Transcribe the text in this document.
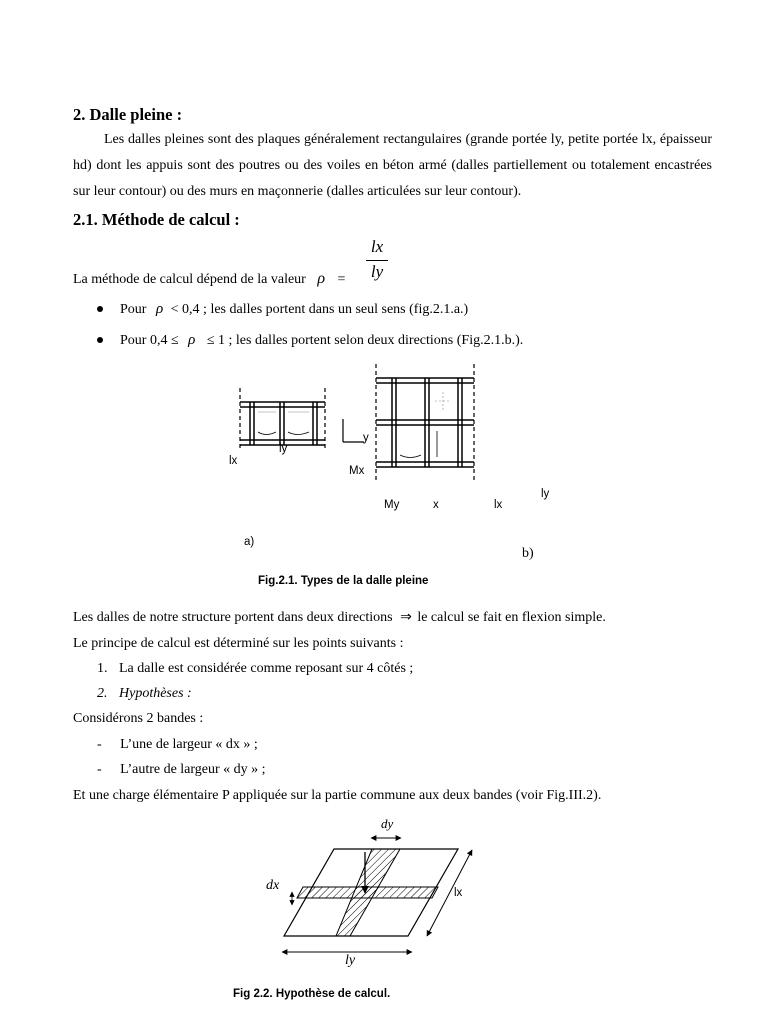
2. Dalle pleine :
Les dalles pleines sont des plaques généralement rectangulaires (grande portée ly, petite portée lx, épaisseur hd) dont les appuis sont des poutres ou des voiles en béton armé (dalles partiellement ou totalement encastrées sur leur contour) ou des murs en maçonnerie (dalles articulées sur leur contour).
2.1. Méthode de calcul :
La méthode de calcul dépend de la valeur ρ =
lx
ly
Pour ρ < 0,4 ; les dalles portent dans un seul sens (fig.2.1.a.)
Pour 0,4 ≤ ρ ≤ 1 ; les dalles portent selon deux directions (Fig.2.1.b.).
ly
lx
y
Mx
ly
My	x	lx
a)
b)
Fig.2.1. Types de la dalle pleine
Les dalles de notre structure portent dans deux directions ⇒ le calcul se fait en flexion simple.
Le principe de calcul est déterminé sur les points suivants :
1. La dalle est considérée comme reposant sur 4 côtés ;
2. Hypothèses :
Considérons 2 bandes :
- L’une de largeur « dx » ;
- L’autre de largeur « dy » ;
Et une charge élémentaire P appliquée sur la partie commune aux deux bandes (voir Fig.III.2).
dy
dx	lx
ly
Fig 2.2. Hypothèse de calcul.
